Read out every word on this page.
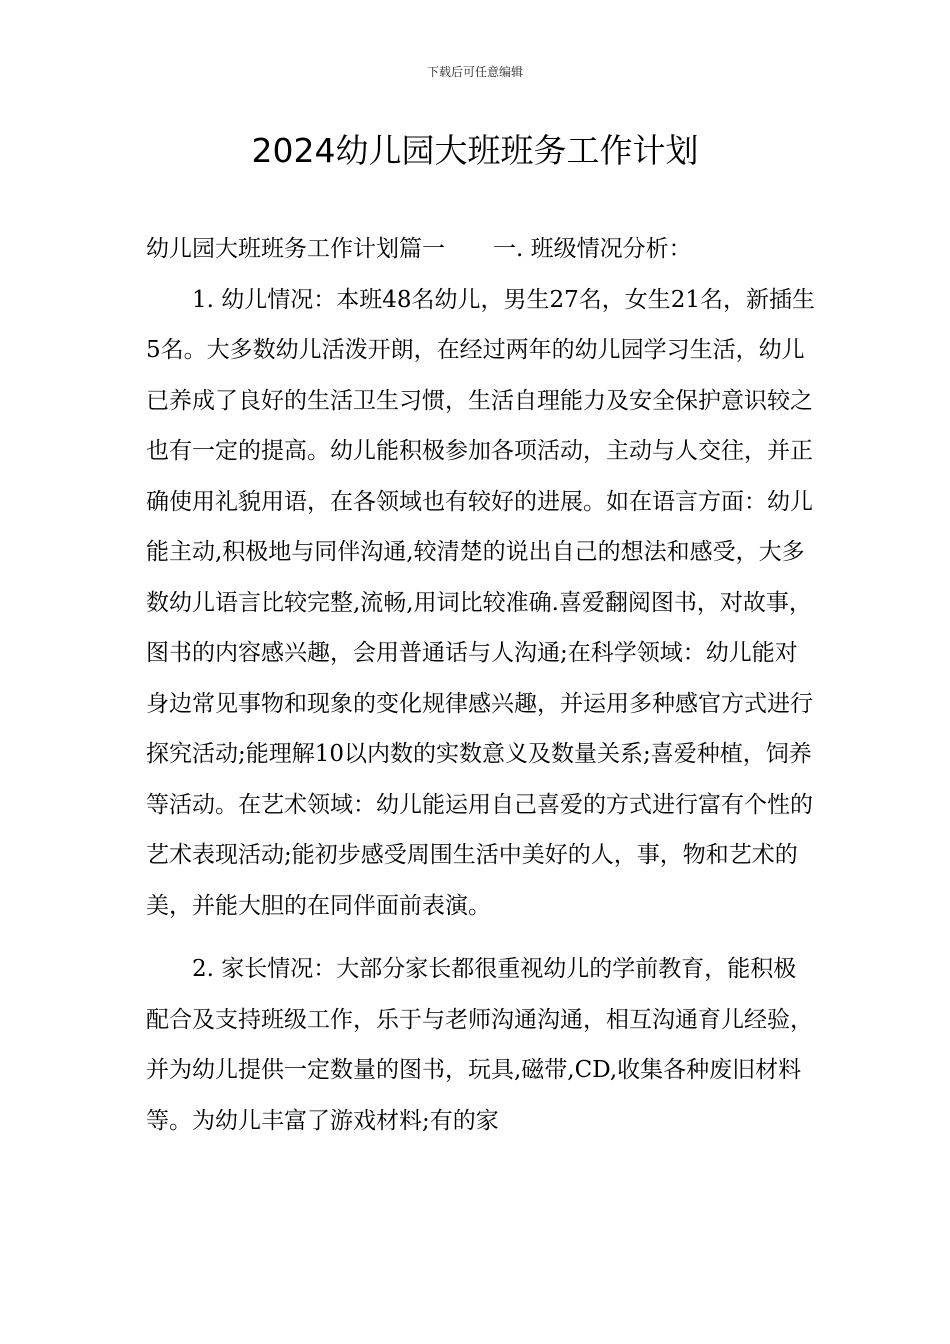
下载后可任意编辑
2024幼儿园大班班务工作计划

幼儿园大班班务工作计划篇一 一. 班级情况分析：

1. 幼儿情况：本班48名幼儿，男生27名，女生21名，新插生5名。大多数幼儿活泼开朗，在经过两年的幼儿园学习生活，幼儿已养成了良好的生活卫生习惯，生活自理能力及安全保护意识较之也有一定的提高。幼儿能积极参加各项活动，主动与人交往，并正确使用礼貌用语，在各领域也有较好的进展。如在语言方面：幼儿能主动,积极地与同伴沟通,较清楚的说出自己的想法和感受，大多数幼儿语言比较完整,流畅,用词比较准确.喜爱翻阅图书，对故事，图书的内容感兴趣，会用普通话与人沟通;在科学领域：幼儿能对身边常见事物和现象的变化规律感兴趣，并运用多种感官方式进行探究活动;能理解10以内数的实数意义及数量关系;喜爱种植，饲养等活动。在艺术领域：幼儿能运用自己喜爱的方式进行富有个性的艺术表现活动;能初步感受周围生活中美好的人，事，物和艺术的美，并能大胆的在同伴面前表演。

2. 家长情况：大部分家长都很重视幼儿的学前教育，能积极配合及支持班级工作，乐于与老师沟通沟通，相互沟通育儿经验，并为幼儿提供一定数量的图书，玩具,磁带,CD,收集各种废旧材料等。为幼儿丰富了游戏材料;有的家
